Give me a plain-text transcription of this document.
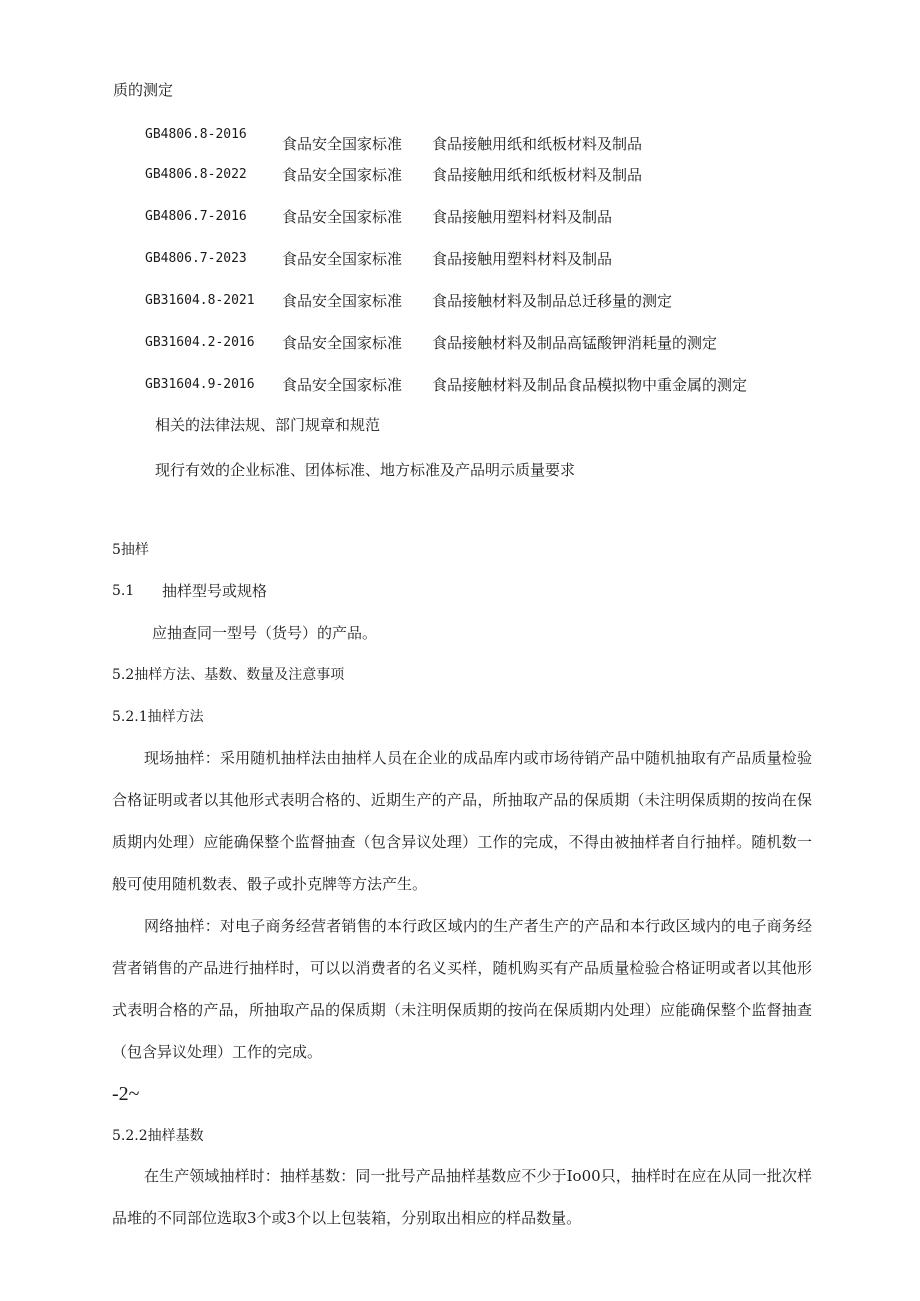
质的测定
GB4806.8-2016
食品安全国家标准 食品接触用纸和纸板材料及制品
GB4806.8-2022 食品安全国家标准 食品接触用纸和纸板材料及制品
GB4806.7-2016 食品安全国家标准 食品接触用塑料材料及制品
GB4806.7-2023 食品安全国家标准 食品接触用塑料材料及制品
GB31604.8-2021 食品安全国家标准 食品接触材料及制品总迁移量的测定
GB31604.2-2016 食品安全国家标准 食品接触材料及制品高锰酸钾消耗量的测定
GB31604.9-2016 食品安全国家标准 食品接触材料及制品食品模拟物中重金属的测定
相关的法律法规、部门规章和规范
现行有效的企业标准、团体标准、地方标准及产品明示质量要求
5抽样
5.1 抽样型号或规格
应抽查同一型号（货号）的产品。
5.2抽样方法、基数、数量及注意事项
5.2.1抽样方法
现场抽样：采用随机抽样法由抽样人员在企业的成品库内或市场待销产品中随机抽取有产品质量检验合格证明或者以其他形式表明合格的、近期生产的产品，所抽取产品的保质期（未注明保质期的按尚在保质期内处理）应能确保整个监督抽查（包含异议处理）工作的完成，不得由被抽样者自行抽样。随机数一般可使用随机数表、骰子或扑克牌等方法产生。
网络抽样：对电子商务经营者销售的本行政区域内的生产者生产的产品和本行政区域内的电子商务经营者销售的产品进行抽样时，可以以消费者的名义买样，随机购买有产品质量检验合格证明或者以其他形式表明合格的产品，所抽取产品的保质期（未注明保质期的按尚在保质期内处理）应能确保整个监督抽查（包含异议处理）工作的完成。
-2~
5.2.2抽样基数
在生产领域抽样时：抽样基数：同一批号产品抽样基数应不少于Io00只，抽样时在应在从同一批次样品堆的不同部位选取3个或3个以上包装箱，分别取出相应的样品数量。
